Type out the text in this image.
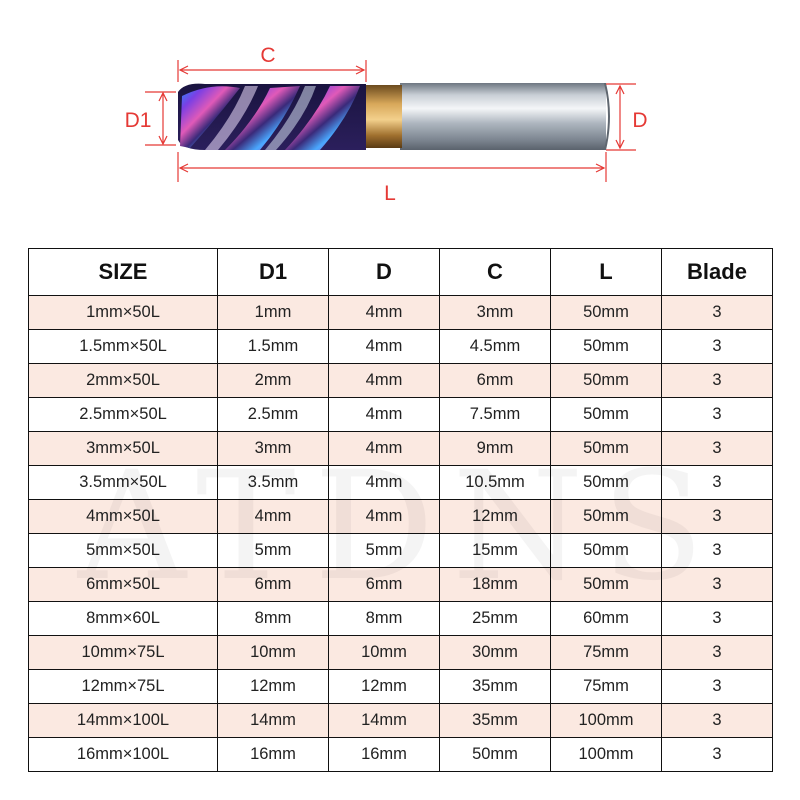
C
D1	D
L
SIZE	D1	D	C	L	Blade
1mm×50L	1mm	4mm	3mm	50mm	3
1.5mm×50L	1.5mm	4mm	4.5mm	50mm	3
2mm×50L	2mm	4mm	6mm	50mm	3
2.5mm×50L	2.5mm	4mm	7.5mm	50mm	3
3mm×50L	3mm	4mm	9mm	50mm	3
3.5mm×50L	3.5mm	4mm	10.5mm	50mm	3
4mm×50L	4mm	4mm	12mm	50mm	3
5mm×50L	5mm	5mm	15mm	50mm	3
6mm×50L	6mm	6mm	18mm	50mm	3
8mm×60L	8mm	8mm	25mm	60mm	3
10mm×75L	10mm	10mm	30mm	75mm	3
12mm×75L	12mm	12mm	35mm	75mm	3
14mm×100L	14mm	14mm	35mm	100mm	3
16mm×100L	16mm	16mm	50mm	100mm	3
